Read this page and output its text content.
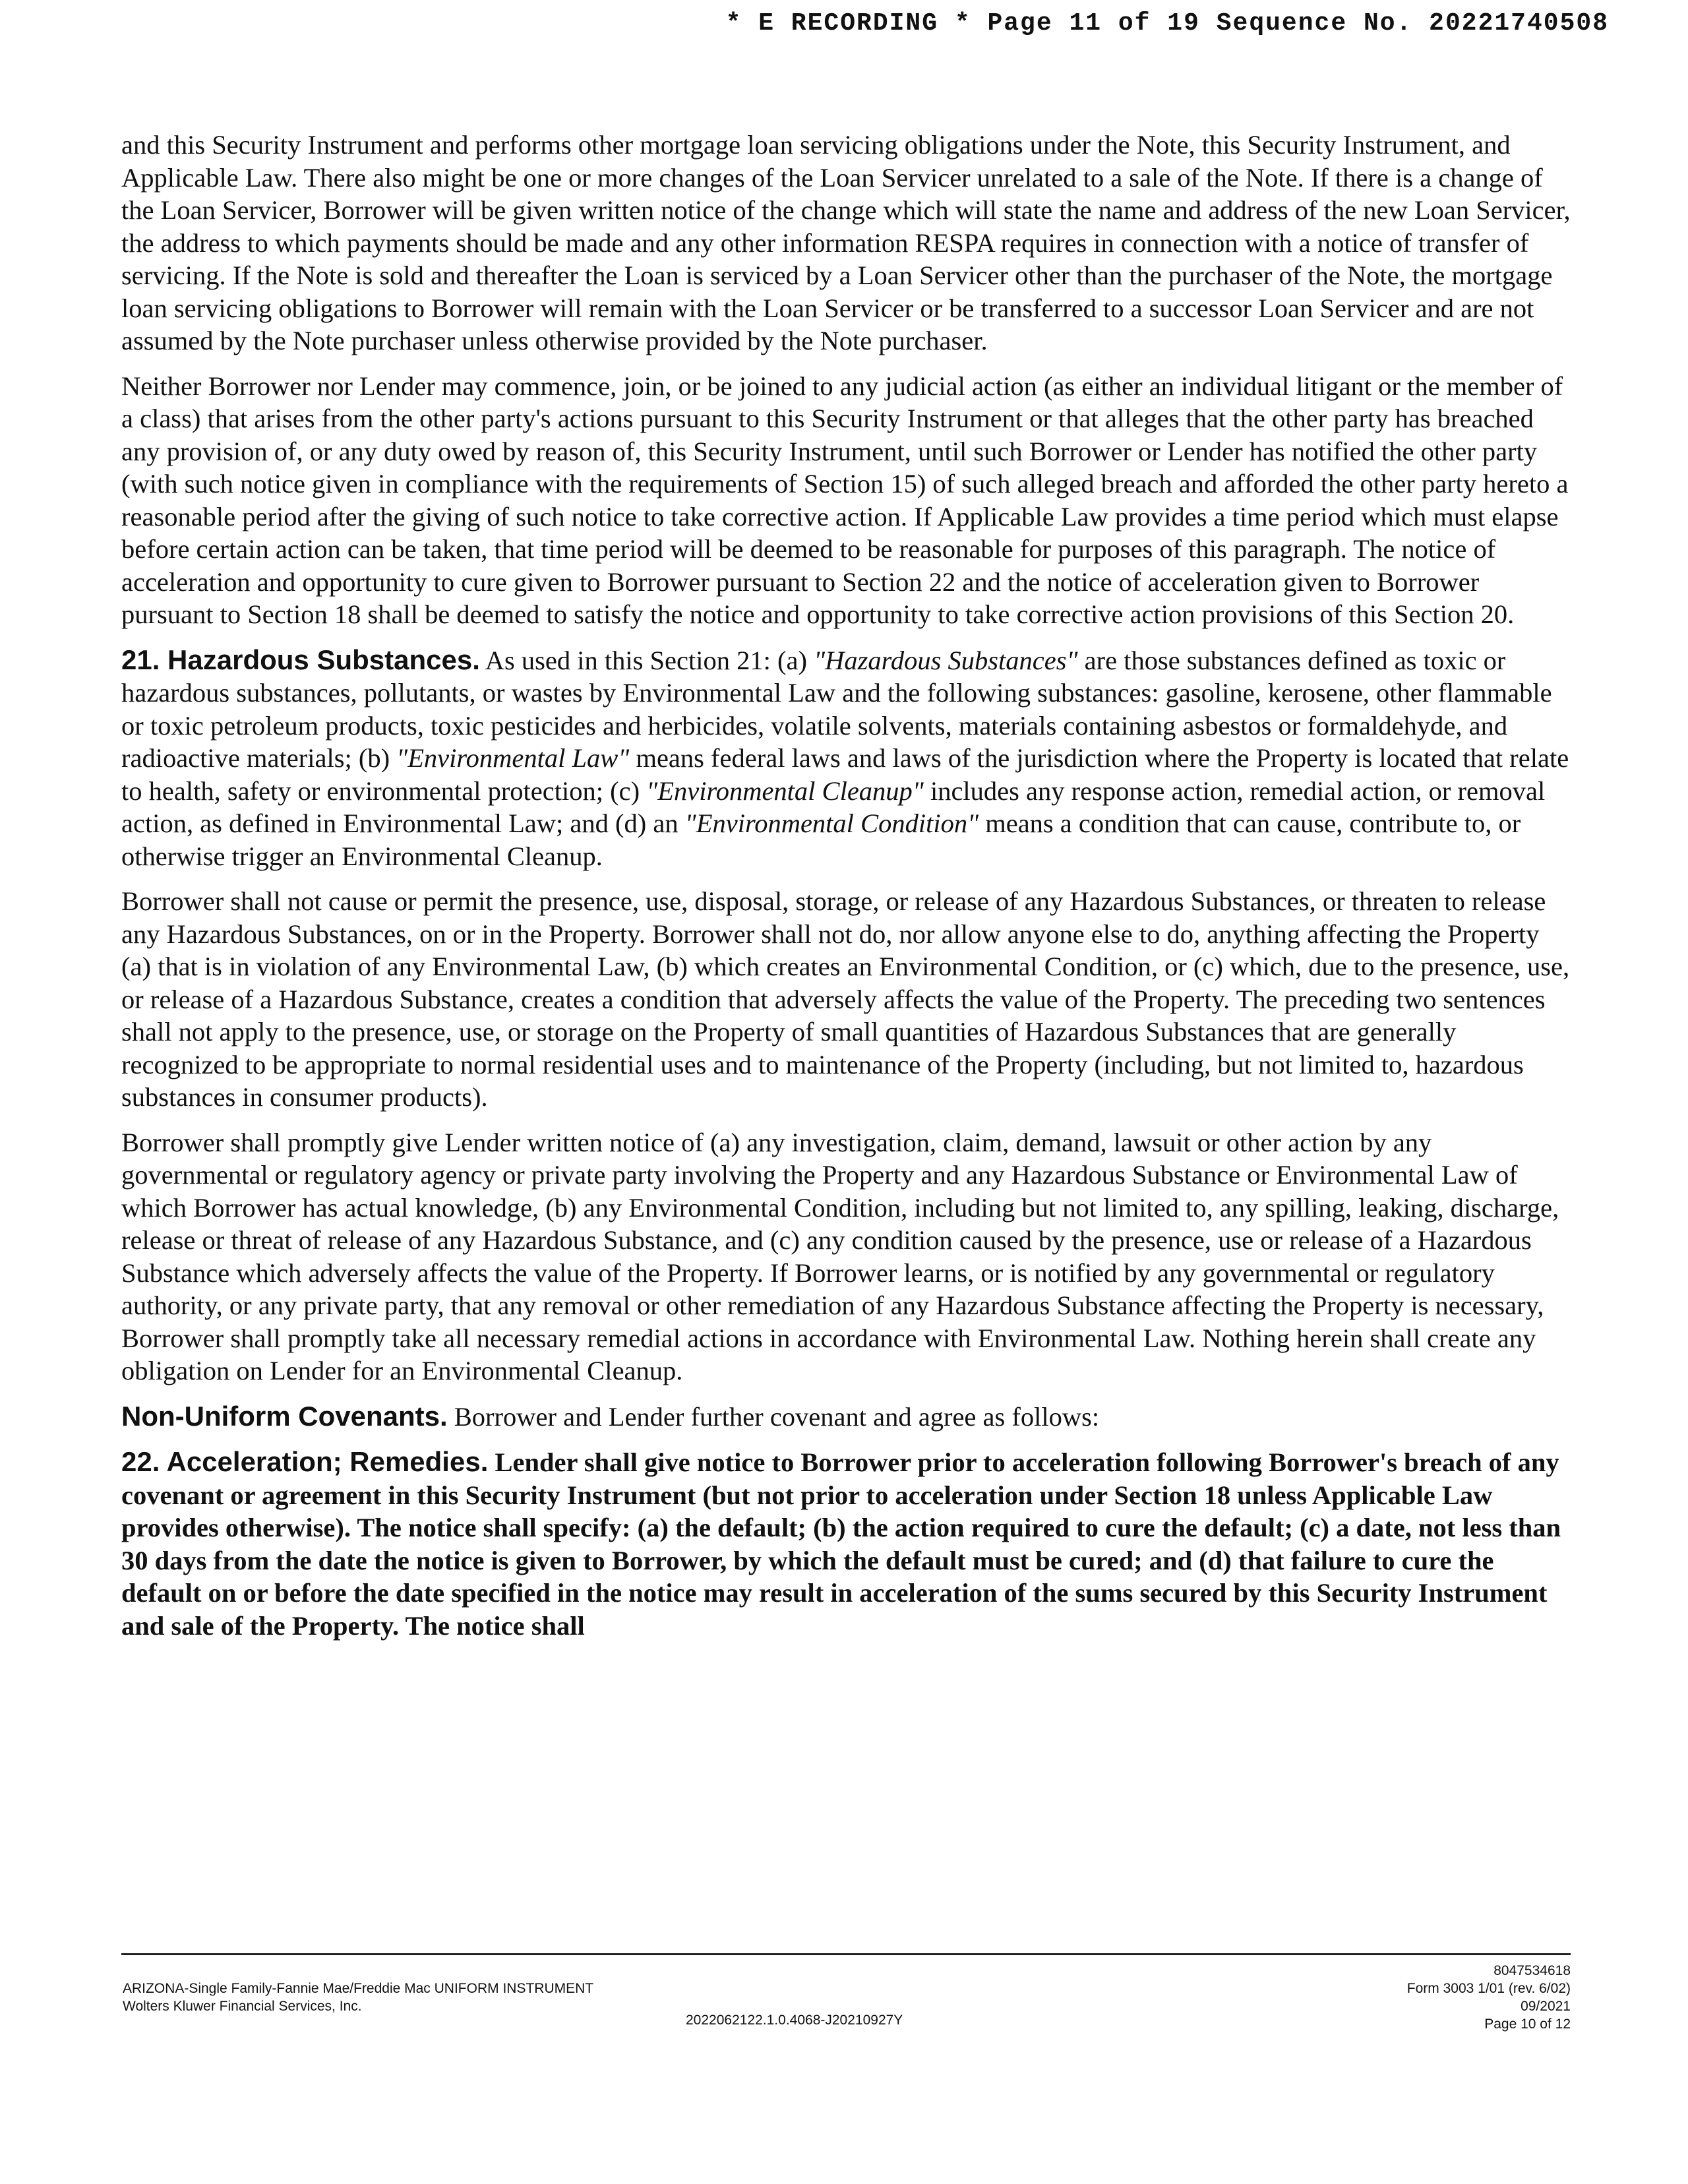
* E RECORDING * Page 11 of 19 Sequence No. 20221740508

and this Security Instrument and performs other mortgage loan servicing obligations under the Note, this Security Instrument, and Applicable Law. There also might be one or more changes of the Loan Servicer unrelated to a sale of the Note. If there is a change of the Loan Servicer, Borrower will be given written notice of the change which will state the name and address of the new Loan Servicer, the address to which payments should be made and any other information RESPA requires in connection with a notice of transfer of servicing. If the Note is sold and thereafter the Loan is serviced by a Loan Servicer other than the purchaser of the Note, the mortgage loan servicing obligations to Borrower will remain with the Loan Servicer or be transferred to a successor Loan Servicer and are not assumed by the Note purchaser unless otherwise provided by the Note purchaser.

Neither Borrower nor Lender may commence, join, or be joined to any judicial action (as either an individual litigant or the member of a class) that arises from the other party's actions pursuant to this Security Instrument or that alleges that the other party has breached any provision of, or any duty owed by reason of, this Security Instrument, until such Borrower or Lender has notified the other party (with such notice given in compliance with the requirements of Section 15) of such alleged breach and afforded the other party hereto a reasonable period after the giving of such notice to take corrective action. If Applicable Law provides a time period which must elapse before certain action can be taken, that time period will be deemed to be reasonable for purposes of this paragraph. The notice of acceleration and opportunity to cure given to Borrower pursuant to Section 22 and the notice of acceleration given to Borrower pursuant to Section 18 shall be deemed to satisfy the notice and opportunity to take corrective action provisions of this Section 20.

21. Hazardous Substances. As used in this Section 21: (a) "Hazardous Substances" are those substances defined as toxic or hazardous substances, pollutants, or wastes by Environmental Law and the following substances: gasoline, kerosene, other flammable or toxic petroleum products, toxic pesticides and herbicides, volatile solvents, materials containing asbestos or formaldehyde, and radioactive materials; (b) "Environmental Law" means federal laws and laws of the jurisdiction where the Property is located that relate to health, safety or environmental protection; (c) "Environmental Cleanup" includes any response action, remedial action, or removal action, as defined in Environmental Law; and (d) an "Environmental Condition" means a condition that can cause, contribute to, or otherwise trigger an Environmental Cleanup.

Borrower shall not cause or permit the presence, use, disposal, storage, or release of any Hazardous Substances, or threaten to release any Hazardous Substances, on or in the Property. Borrower shall not do, nor allow anyone else to do, anything affecting the Property (a) that is in violation of any Environmental Law, (b) which creates an Environmental Condition, or (c) which, due to the presence, use, or release of a Hazardous Substance, creates a condition that adversely affects the value of the Property. The preceding two sentences shall not apply to the presence, use, or storage on the Property of small quantities of Hazardous Substances that are generally recognized to be appropriate to normal residential uses and to maintenance of the Property (including, but not limited to, hazardous substances in consumer products).

Borrower shall promptly give Lender written notice of (a) any investigation, claim, demand, lawsuit or other action by any governmental or regulatory agency or private party involving the Property and any Hazardous Substance or Environmental Law of which Borrower has actual knowledge, (b) any Environmental Condition, including but not limited to, any spilling, leaking, discharge, release or threat of release of any Hazardous Substance, and (c) any condition caused by the presence, use or release of a Hazardous Substance which adversely affects the value of the Property. If Borrower learns, or is notified by any governmental or regulatory authority, or any private party, that any removal or other remediation of any Hazardous Substance affecting the Property is necessary, Borrower shall promptly take all necessary remedial actions in accordance with Environmental Law. Nothing herein shall create any obligation on Lender for an Environmental Cleanup.

Non-Uniform Covenants. Borrower and Lender further covenant and agree as follows:

22. Acceleration; Remedies. Lender shall give notice to Borrower prior to acceleration following Borrower's breach of any covenant or agreement in this Security Instrument (but not prior to acceleration under Section 18 unless Applicable Law provides otherwise). The notice shall specify: (a) the default; (b) the action required to cure the default; (c) a date, not less than 30 days from the date the notice is given to Borrower, by which the default must be cured; and (d) that failure to cure the default on or before the date specified in the notice may result in acceleration of the sums secured by this Security Instrument and sale of the Property. The notice shall

ARIZONA-Single Family-Fannie Mae/Freddie Mac UNIFORM INSTRUMENT
Wolters Kluwer Financial Services, Inc.
2022062122.1.0.4068-J20210927Y
8047534618
Form 3003 1/01 (rev. 6/02)
09/2021
Page 10 of 12
